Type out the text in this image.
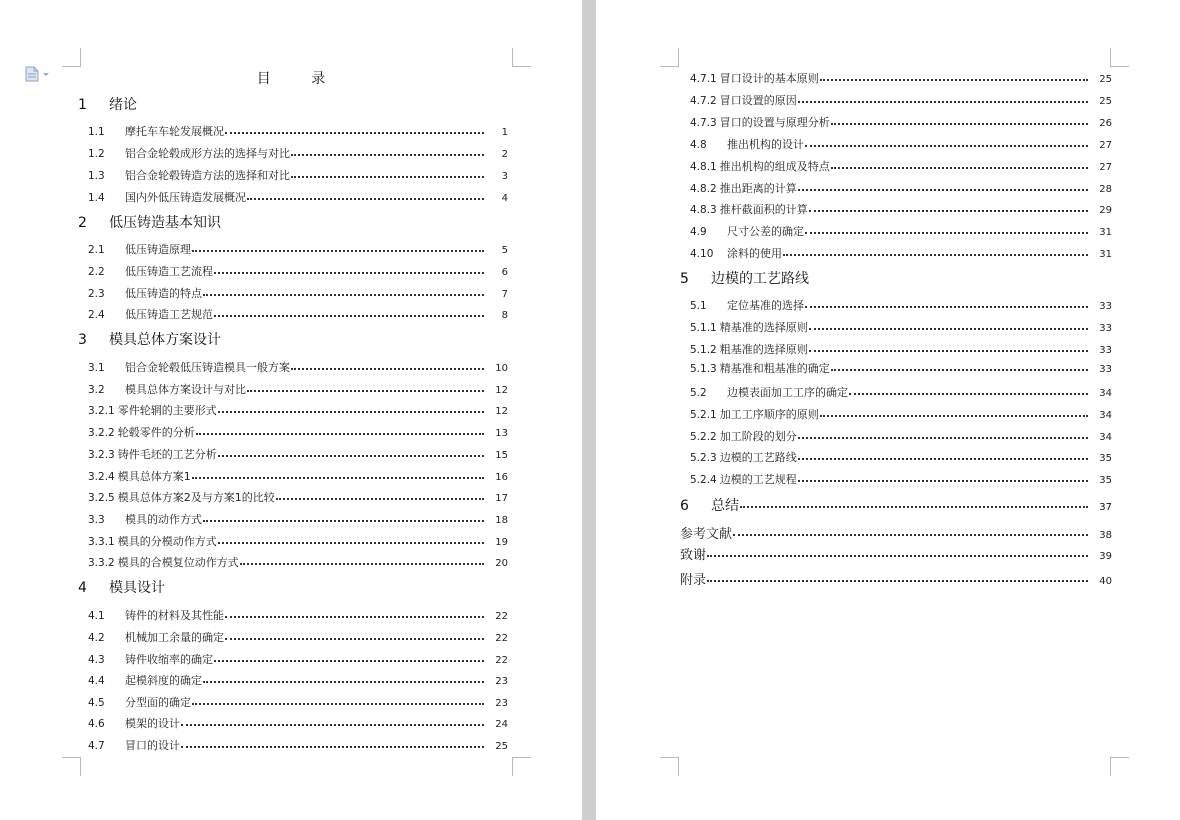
目 录
1	绪论
1.1	摩托车车轮发展概况	1
1.2	铝合金轮毂成形方法的选择与对比	2
1.3	铝合金轮毂铸造方法的选择和对比	3
1.4	国内外低压铸造发展概况	4
2	低压铸造基本知识
2.1	低压铸造原理	5
2.2	低压铸造工艺流程	6
2.3	低压铸造的特点	7
2.4	低压铸造工艺规范	8
3	模具总体方案设计
3.1	铝合金轮毂低压铸造模具一般方案	10
3.2	模具总体方案设计与对比	12
3.2.1 零件轮辋的主要形式	12
3.2.2 轮毂零件的分析	13
3.2.3 铸件毛坯的工艺分析	15
3.2.4 模具总体方案1	16
3.2.5 模具总体方案2及与方案1的比较	17
3.3	模具的动作方式	18
3.3.1 模具的分模动作方式	19
3.3.2 模具的合模复位动作方式	20
4	模具设计
4.1	铸件的材料及其性能	22
4.2	机械加工余量的确定	22
4.3	铸件收缩率的确定	22
4.4	起模斜度的确定	23
4.5	分型面的确定	23
4.6	模架的设计	24
4.7	冒口的设计	25
4.7.1 冒口设计的基本原则	25
4.7.2 冒口设置的原因	25
4.7.3 冒口的设置与原理分析	26
4.8	推出机构的设计	27
4.8.1 推出机构的组成及特点	27
4.8.2 推出距离的计算	28
4.8.3 推杆截面积的计算	29
4.9	尺寸公差的确定	31
4.10	涂料的使用	31
5	边模的工艺路线
5.1	定位基准的选择	33
5.1.1 精基准的选择原则	33
5.1.2 粗基准的选择原则	33
5.1.3 精基准和粗基准的确定	33
5.2	边模表面加工工序的确定	34
5.2.1 加工工序顺序的原则	34
5.2.2 加工阶段的划分	34
5.2.3 边模的工艺路线	35
5.2.4 边模的工艺规程	35
6	总结	37
参考文献	38
致谢	39
附录	40
